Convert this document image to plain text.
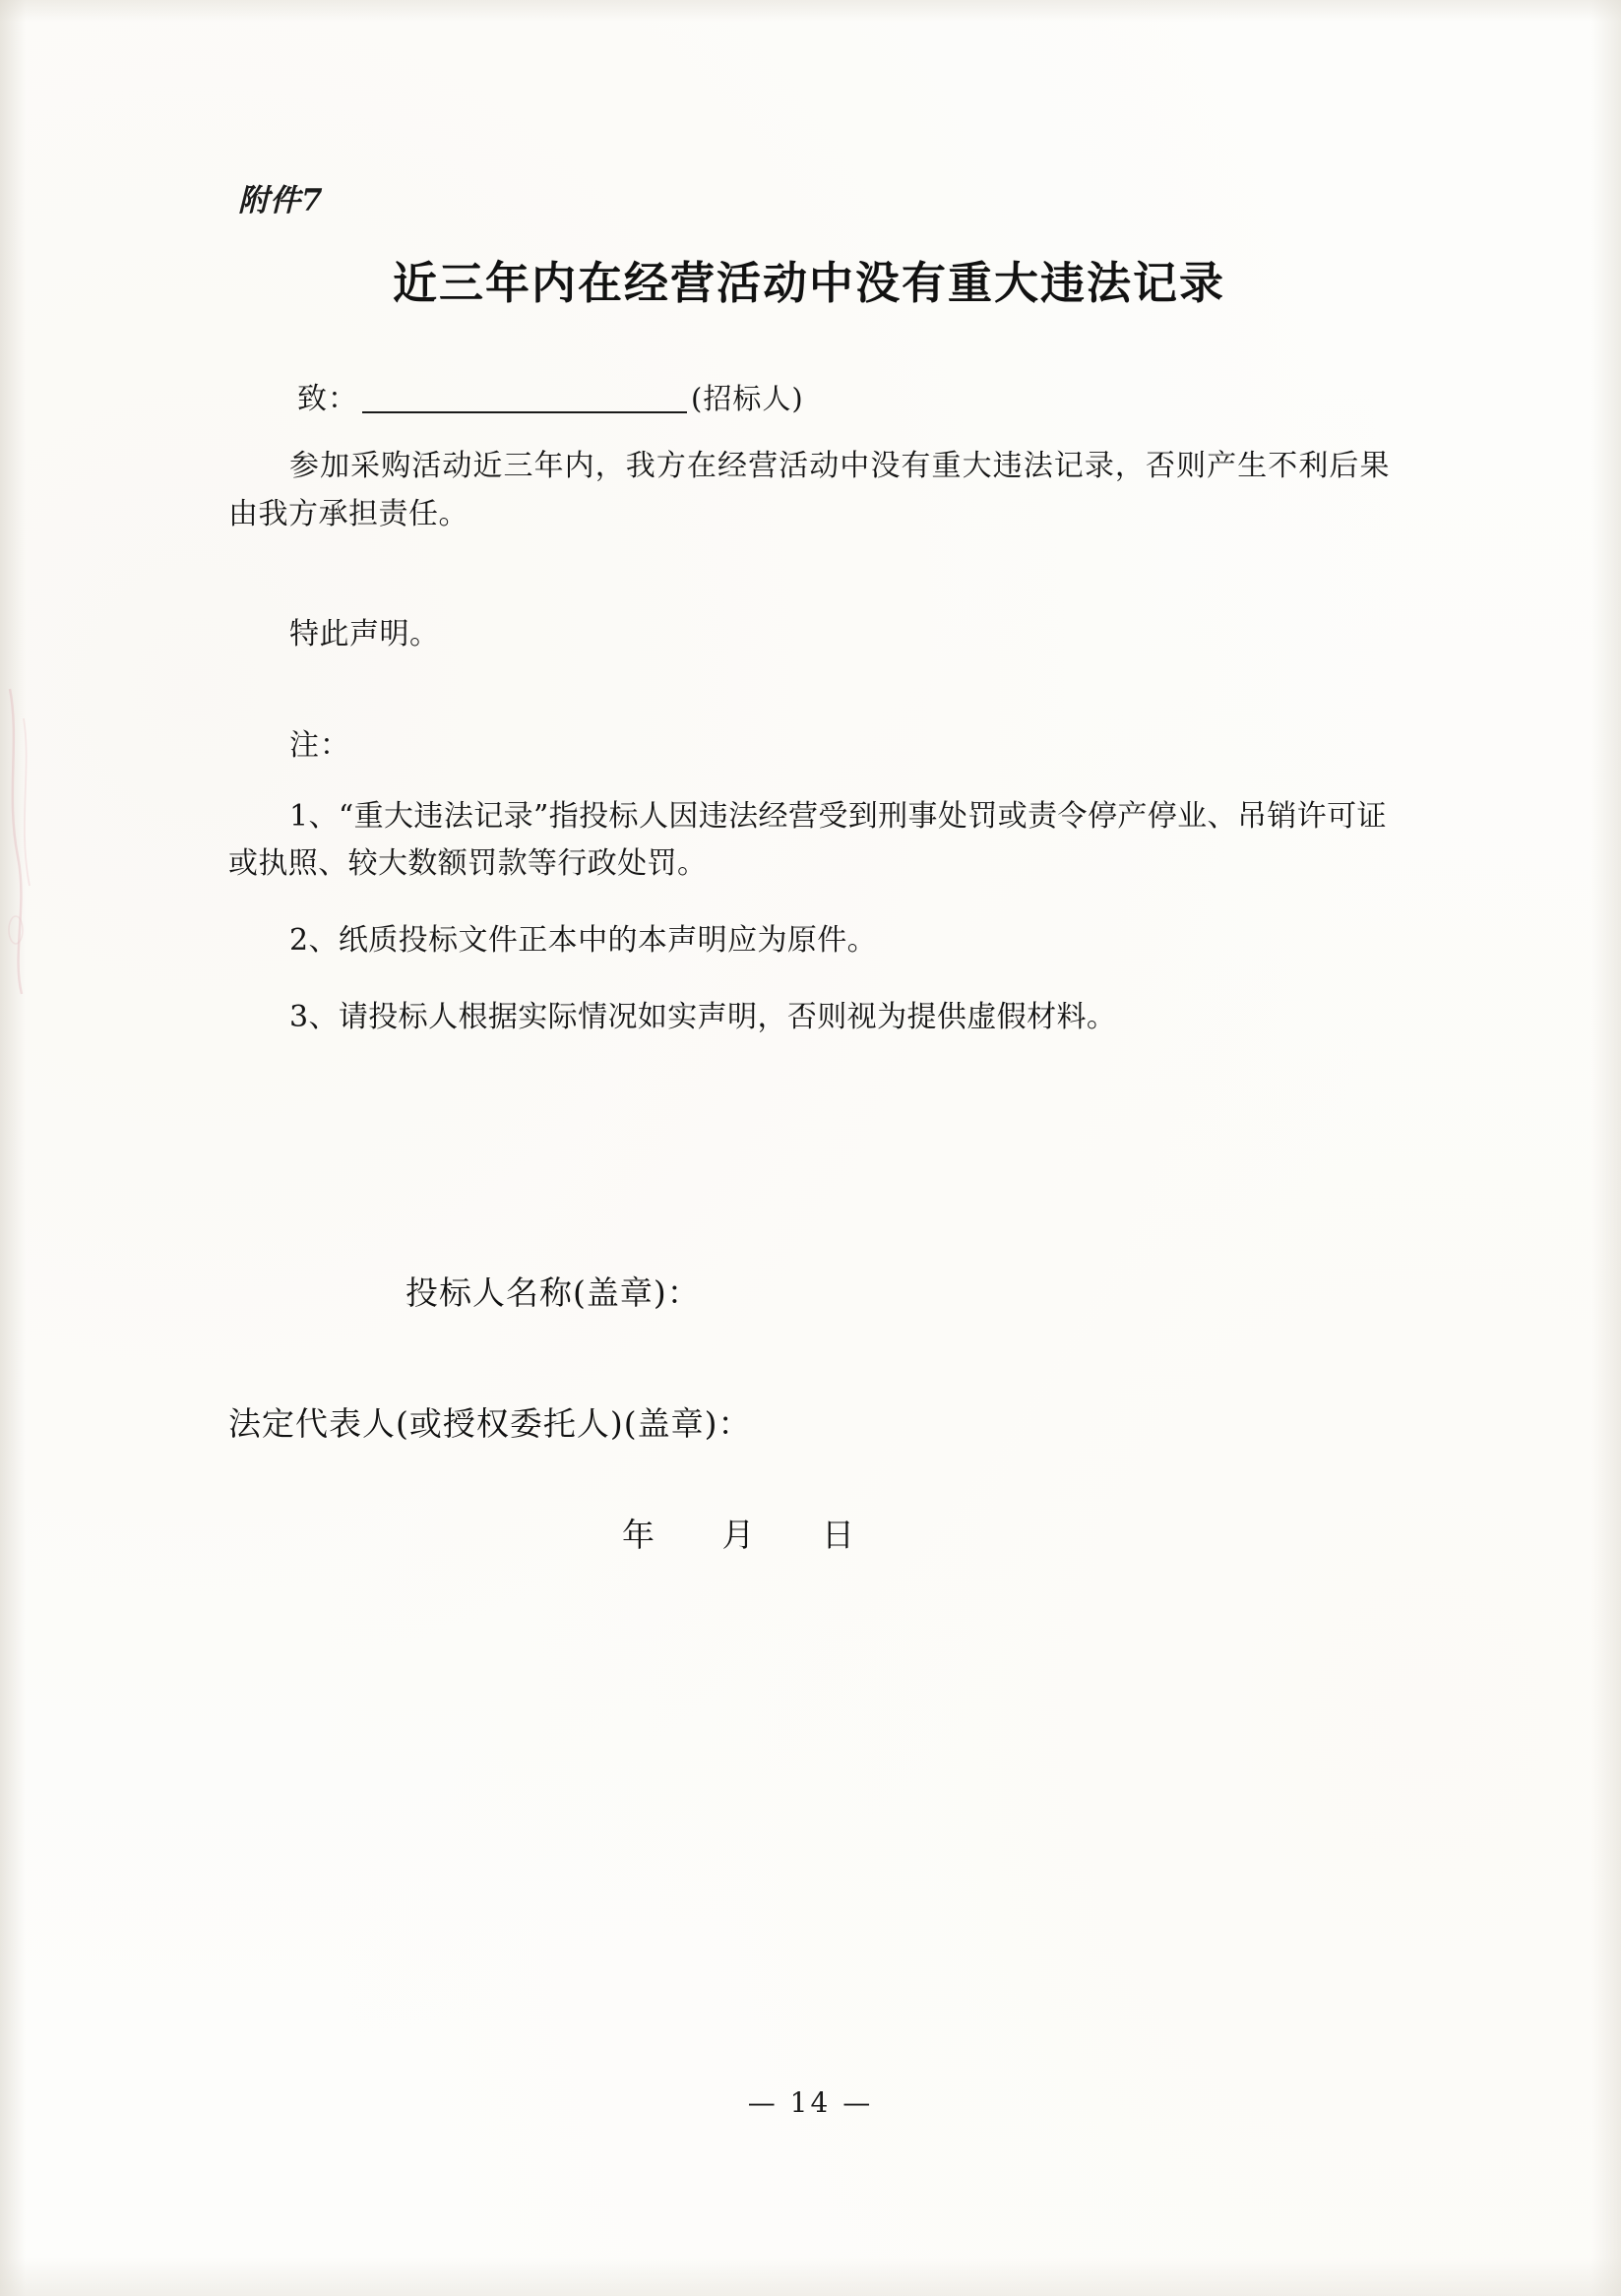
附件7
近三年内在经营活动中没有重大违法记录
致：	(招标人)

参加采购活动近三年内，我方在经营活动中没有重大违法记录，否则产生不利后果由我方承担责任。

特此声明。

注：

1、“重大违法记录”指投标人因违法经营受到刑事处罚或责令停产停业、吊销许可证或执照、较大数额罚款等行政处罚。

2、纸质投标文件正本中的本声明应为原件。

3、请投标人根据实际情况如实声明，否则视为提供虚假材料。

投标人名称(盖章)：
法定代表人(或授权委托人)(盖章)：
年 月 日
— 14 —
